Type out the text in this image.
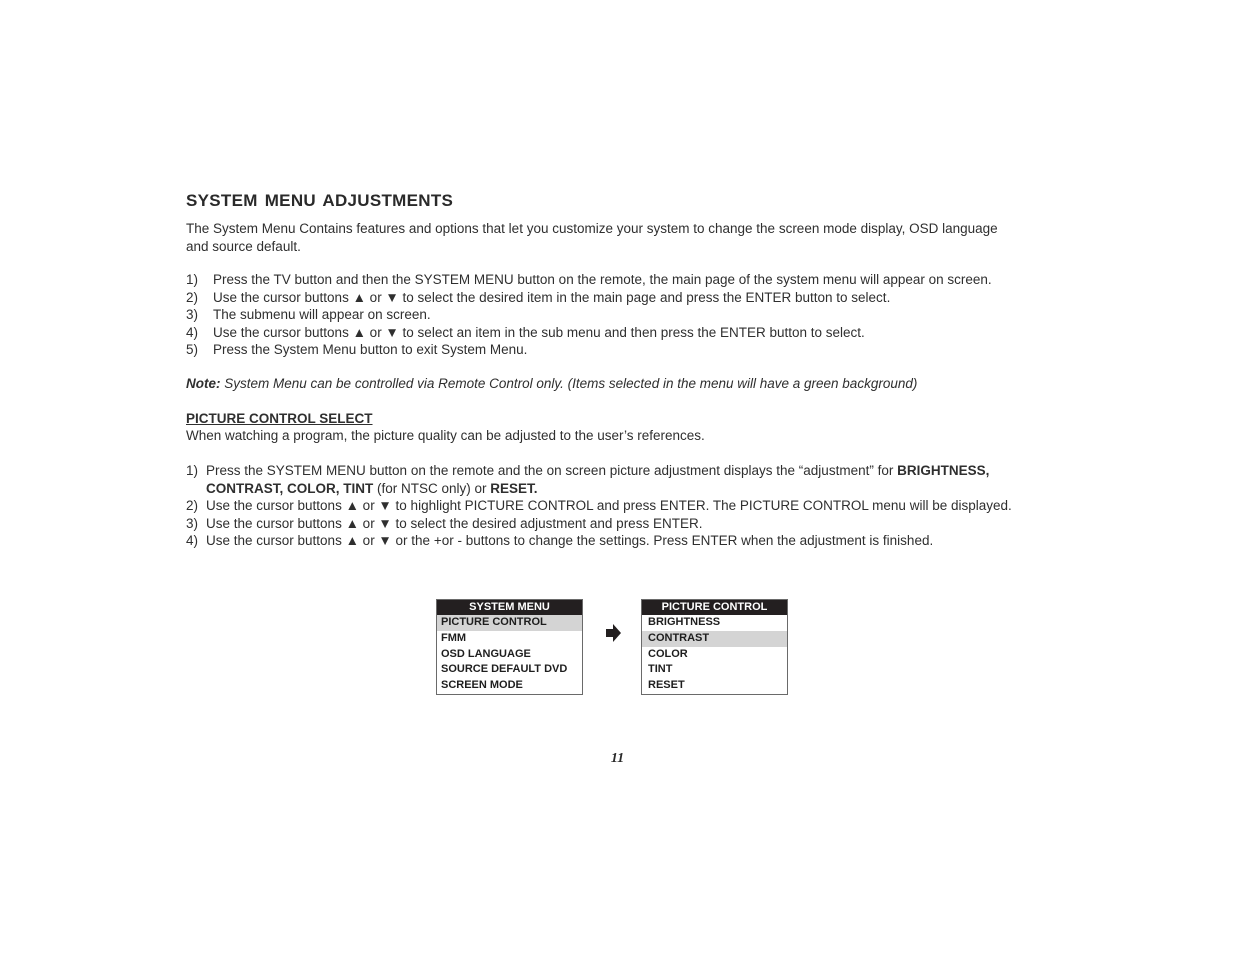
SYSTEM MENU ADJUSTMENTS
The System Menu Contains features and options that let you customize your system to change the screen mode display, OSD language
and source default.
1) Press the TV button and then the SYSTEM MENU button on the remote, the main page of the system menu will appear on screen.
2) Use the cursor buttons ▲ or ▼ to select the desired item in the main page and press the ENTER button to select.
3) The submenu will appear on screen.
4) Use the cursor buttons ▲ or ▼ to select an item in the sub menu and then press the ENTER button to select.
5) Press the System Menu button to exit System Menu.
Note: System Menu can be controlled via Remote Control only. (Items selected in the menu will have a green background)
PICTURE CONTROL SELECT
When watching a program, the picture quality can be adjusted to the user’s references.
1) Press the SYSTEM MENU button on the remote and the on screen picture adjustment displays the “adjustment” for BRIGHTNESS,
CONTRAST, COLOR, TINT (for NTSC only) or RESET.
2) Use the cursor buttons ▲ or ▼ to highlight PICTURE CONTROL and press ENTER. The PICTURE CONTROL menu will be displayed.
3) Use the cursor buttons ▲ or ▼ to select the desired adjustment and press ENTER.
4) Use the cursor buttons ▲ or ▼ or the +or - buttons to change the settings. Press ENTER when the adjustment is finished.
SYSTEM MENU
PICTURE CONTROL
FMM
OSD LANGUAGE
SOURCE DEFAULT DVD
SCREEN MODE
PICTURE CONTROL
BRIGHTNESS
CONTRAST
COLOR
TINT
RESET
11
